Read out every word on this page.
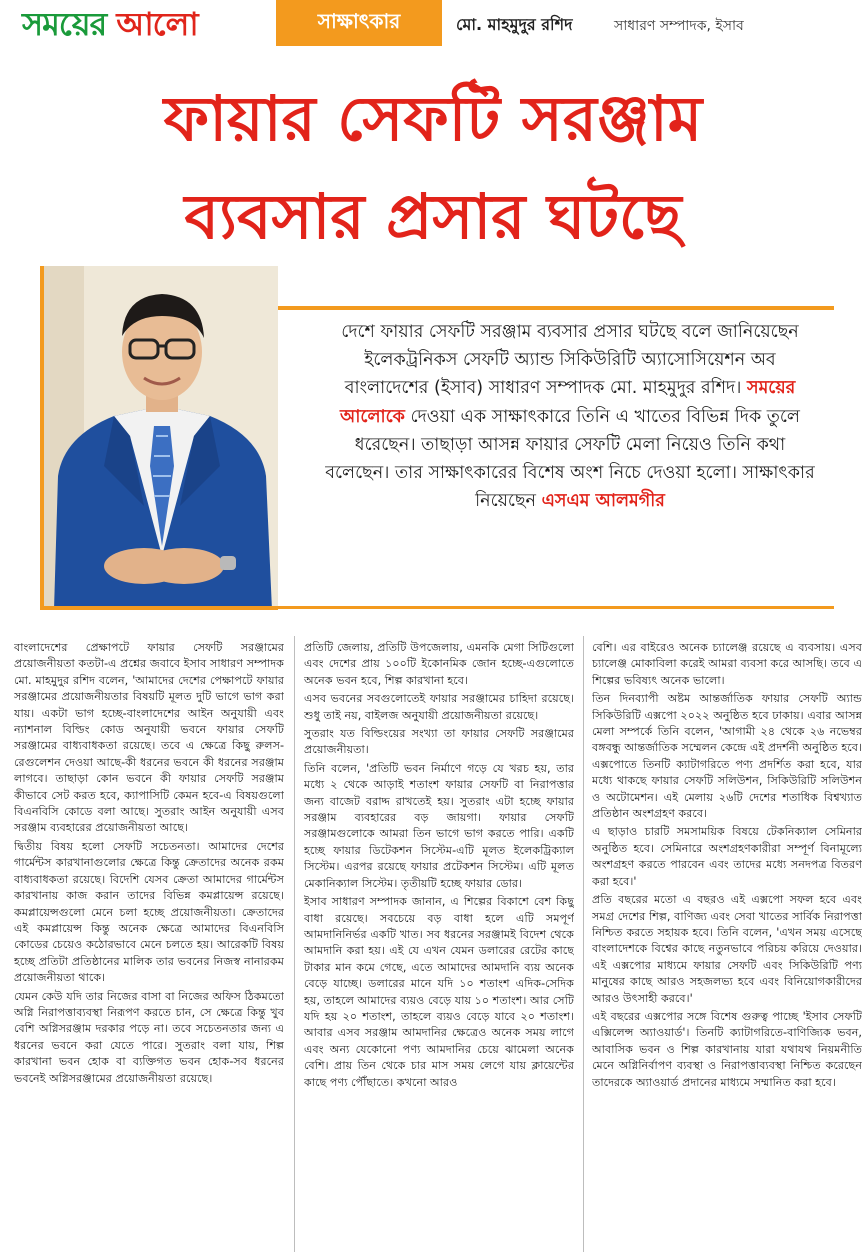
সময়ের আলো	সাক্ষাৎকার	মো. মাহমুদুর রশিদ	সাধারণ সম্পাদক, ইসাব
ফায়ার সেফটি সরঞ্জাম
ব্যবসার প্রসার ঘটছে
দেশে ফায়ার সেফটি সরঞ্জাম ব্যবসার প্রসার ঘটছে বলে জানিয়েছেন ইলেকট্রনিকস সেফটি অ্যান্ড সিকিউরিটি অ্যাসোসিয়েশন অব বাংলাদেশের (ইসাব) সাধারণ সম্পাদক মো. মাহমুদুর রশিদ। সময়ের আলোকে দেওয়া এক সাক্ষাৎকারে তিনি এ খাতের বিভিন্ন দিক তুলে ধরেছেন। তাছাড়া আসন্ন ফায়ার সেফটি মেলা নিয়েও তিনি কথা বলেছেন। তার সাক্ষাৎকারের বিশেষ অংশ নিচে দেওয়া হলো। সাক্ষাৎকার নিয়েছেন এসএম আলমগীর

বাংলাদেশের প্রেক্ষাপটে ফায়ার সেফটি সরঞ্জামের প্রয়োজনীয়তা কতটা-এ প্রশ্নের জবাবে ইসাব সাধারণ সম্পাদক মো. মাহমুদুর রশিদ বলেন, 'আমাদের দেশের পেক্ষাপটে ফায়ার সরঞ্জামের প্রয়োজনীয়তার বিষয়টি মূলত দুটি ভাগে ভাগ করা যায়। একটা ভাগ হচ্ছে-বাংলাদেশের আইন অনুযায়ী এবং ন্যাশনাল বিল্ডিং কোড অনুযায়ী ভবনে ফায়ার সেফটি সরঞ্জামের বাধ্যবাধকতা রয়েছে। তবে এ ক্ষেত্রে কিছু রুলস-রেগুলেশন দেওয়া আছে-কী ধরনের ভবনে কী ধরনের সরঞ্জাম লাগবে। তাছাড়া কোন ভবনে কী ফায়ার সেফটি সরঞ্জাম কীভাবে সেট করত হবে, ক্যাপাসিটি কেমন হবে-এ বিষয়গুলো বিএনবিসি কোডে বলা আছে। সুতরাং আইন অনুযায়ী এসব সরঞ্জাম ব্যবহারের প্রয়োজনীয়তা আছে।

দ্বিতীয় বিষয় হলো সেফটি সচেতনতা। আমাদের দেশের গার্মেন্টস কারখানাগুলোর ক্ষেত্রে কিন্তু ক্রেতাদের অনেক রকম বাধ্যবাধকতা রয়েছে। বিদেশি যেসব ক্রেতা আমাদের গার্মেন্টস কারখানায় কাজ করান তাদের বিভিন্ন কমপ্লায়েন্স রয়েছে। কমপ্লায়েন্সগুলো মেনে চলা হচ্ছে প্রয়োজনীয়তা। ক্রেতাদের এই কমপ্লায়েন্স কিন্তু অনেক ক্ষেত্রে আমাদের বিএনবিসি কোডের চেয়েও কঠোরভাবে মেনে চলতে হয়। আরেকটি বিষয় হচ্ছে প্রতিটা প্রতিষ্ঠানের মালিক তার ভবনের নিজস্ব নানারকম প্রয়োজনীয়তা থাকে।

যেমন কেউ যদি তার নিজের বাসা বা নিজের অফিস ঠিকমতো অগ্নি নিরাপত্তাব্যবস্থা নিরূপণ করতে চান, সে ক্ষেত্রে কিন্তু খুব বেশি অগ্নিসরঞ্জাম দরকার পড়ে না। তবে সচেতনতার জন্য এ ধরনের ভবনে করা যেতে পারে। সুতরাং বলা যায়, শিল্প কারখানা ভবন হোক বা ব্যক্তিগত ভবন হোক-সব ধরনের ভবনেই অগ্নিসরঞ্জামের প্রয়োজনীয়তা রয়েছে।

প্রতিটি জেলায়, প্রতিটি উপজেলায়, এমনকি মেগা সিটিগুলো এবং দেশের প্রায় ১০০টি ইকোনমিক জোন হচ্ছে-এগুলোতে অনেক ভবন হবে, শিল্প কারখানা হবে।

এসব ভবনের সবগুলোতেই ফায়ার সরঞ্জামের চাহিদা রয়েছে। শুধু তাই নয়, বাইলজ অনুযায়ী প্রয়োজনীয়তা রয়েছে।

সুতরাং যত বিল্ডিংয়ের সংখ্যা তা ফায়ার সেফটি সরঞ্জামের প্রয়োজনীয়তা।

তিনি বলেন, 'প্রতিটি ভবন নির্মাণে গড়ে যে খরচ হয়, তার মধ্যে ২ থেকে আড়াই শতাংশ ফায়ার সেফটি বা নিরাপত্তার জন্য বাজেট বরাদ্দ রাখতেই হয়। সুতরাং এটা হচ্ছে ফায়ার সরঞ্জাম ব্যবহারের বড় জায়গা। ফায়ার সেফটি সরঞ্জামগুলোকে আমরা তিন ভাগে ভাগ করতে পারি। একটি হচ্ছে ফায়ার ডিটেকশন সিস্টেম-এটি মূলত ইলেকট্রিক্যাল সিস্টেম। এরপর রয়েছে ফায়ার প্রটেকশন সিস্টেম। এটি মূলত মেকানিক্যাল সিস্টেম। তৃতীয়টি হচ্ছে ফায়ার ডোর।

ইসাব সাধারণ সম্পাদক জানান, এ শিল্পের বিকাশে বেশ কিছু বাধা রয়েছে। সবচেয়ে বড় বাধা হলে এটি সমপূর্ণ আমদানিনির্ভর একটি খাত। সব ধরনের সরঞ্জামই বিদেশ থেকে আমদানি করা হয়। এই যে এখন যেমন ডলারের রেটের কাছে টাকার মান কমে গেছে, এতে আমাদের আমদানি ব্যয় অনেক বেড়ে যাচ্ছে। ডলারের মানে যদি ১০ শতাংশ এদিক-সেদিক হয়, তাহলে আমাদের ব্যয়ও বেড়ে যায় ১০ শতাংশ। আর সেটি যদি হয় ২০ শতাংশ, তাহলে ব্যয়ও বেড়ে যাবে ২০ শতাংশ। আবার এসব সরঞ্জাম আমদানির ক্ষেত্রেও অনেক সময় লাগে এবং অন্য যেকোনো পণ্য আমদানির চেয়ে ঝামেলা অনেক বেশি। প্রায় তিন থেকে চার মাস সময় লেগে যায় ক্লায়েন্টের কাছে পণ্য পৌঁছাতে। কখনো আরও

বেশি। এর বাইরেও অনেক চ্যালেঞ্জ রয়েছে এ ব্যবসায়। এসব চ্যালেঞ্জ মোকাবিলা করেই আমরা ব্যবসা করে আসছি। তবে এ শিল্পের ভবিষ্যৎ অনেক ভালো।

তিন দিনব্যাপী অষ্টম আন্তর্জাতিক ফায়ার সেফটি অ্যান্ড সিকিউরিটি এক্সপো ২০২২ অনুষ্ঠিত হবে ঢাকায়। এবার আসন্ন মেলা সম্পর্কে তিনি বলেন, 'আগামী ২৪ থেকে ২৬ নভেম্বর বঙ্গবন্ধু আন্তর্জাতিক সম্মেলন কেন্দ্রে এই প্রদর্শনী অনুষ্ঠিত হবে। এক্সপোতে তিনটি ক্যাটাগরিতে পণ্য প্রদর্শিত করা হবে, যার মধ্যে থাকছে ফায়ার সেফটি সলিউশন, সিকিউরিটি সলিউশন ও অটোমেশন। এই মেলায় ২৬টি দেশের শতাধিক বিশ্বখ্যাত প্রতিষ্ঠান অংশগ্রহণ করবে।

এ ছাড়াও চারটি সমসাময়িক বিষয়ে টেকনিক্যাল সেমিনার অনুষ্ঠিত হবে। সেমিনারে অংশগ্রহণকারীরা সম্পূর্ণ বিনামূল্যে অংশগ্রহণ করতে পারবেন এবং তাদের মধ্যে সনদপত্র বিতরণ করা হবে।'

প্রতি বছরের মতো এ বছরও এই এক্সপো সফল হবে এবং সমগ্র দেশের শিল্প, বাণিজ্য এবং সেবা খাতের সার্বিক নিরাপত্তা নিশ্চিত করতে সহায়ক হবে। তিনি বলেন, 'এখন সময় এসেছে বাংলাদেশকে বিশ্বের কাছে নতুনভাবে পরিচয় করিয়ে দেওয়ার। এই এক্সপোর মাধ্যমে ফায়ার সেফটি এবং সিকিউরিটি পণ্য মানুষের কাছে আরও সহজলভ্য হবে এবং বিনিয়োগকারীদের আরও উৎসাহী করবে।'

এই বছরের এক্সপোর সঙ্গে বিশেষ গুরুত্ব পাচ্ছে 'ইসাব সেফটি এক্সিলেন্স অ্যাওয়ার্ড'। তিনটি ক্যাটাগরিতে-বাণিজ্যিক ভবন, আবাসিক ভবন ও শিল্প কারখানায় যারা যথাযথ নিয়মনীতি মেনে অগ্নিনির্বাপণ ব্যবস্থা ও নিরাপত্তাব্যবস্থা নিশ্চিত করেছেন তাদেরকে অ্যাওয়ার্ড প্রদানের মাধ্যমে সম্মানিত করা হবে।
